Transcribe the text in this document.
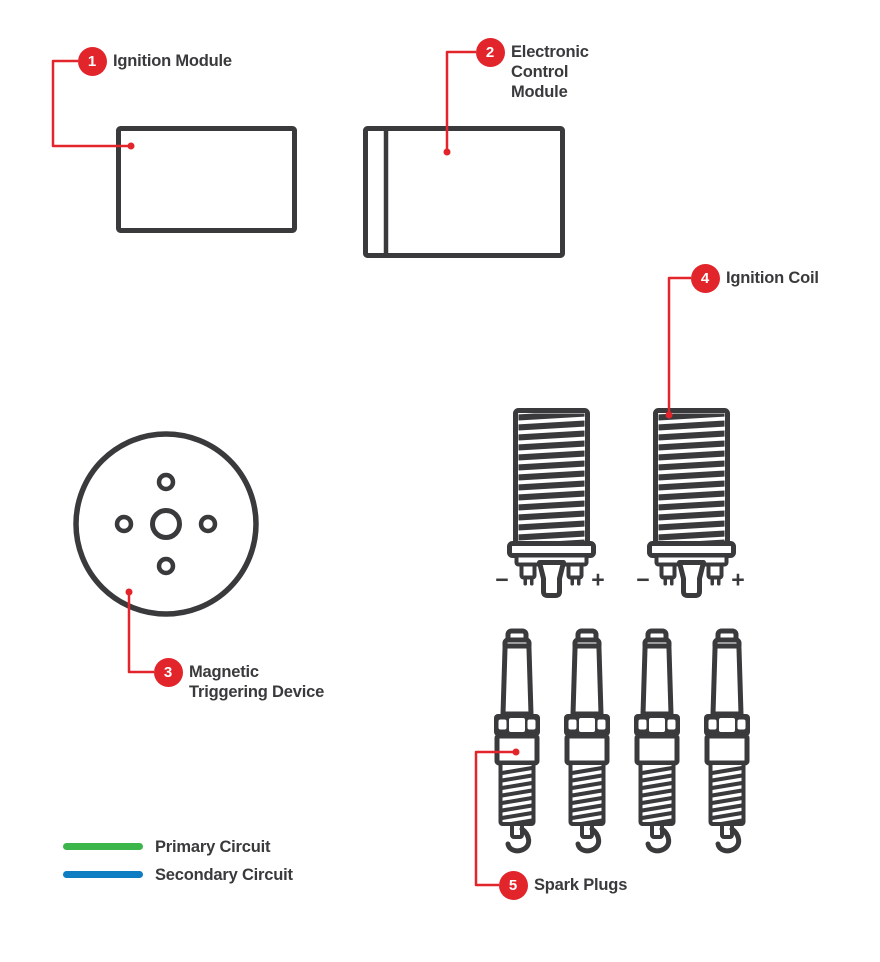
1
2
3
4
5
Ignition Module	Electronic
Control
Module
Magnetic
Triggering Device
Ignition Coil
Spark Plugs
−	+	−	+
Primary Circuit
Secondary Circuit
